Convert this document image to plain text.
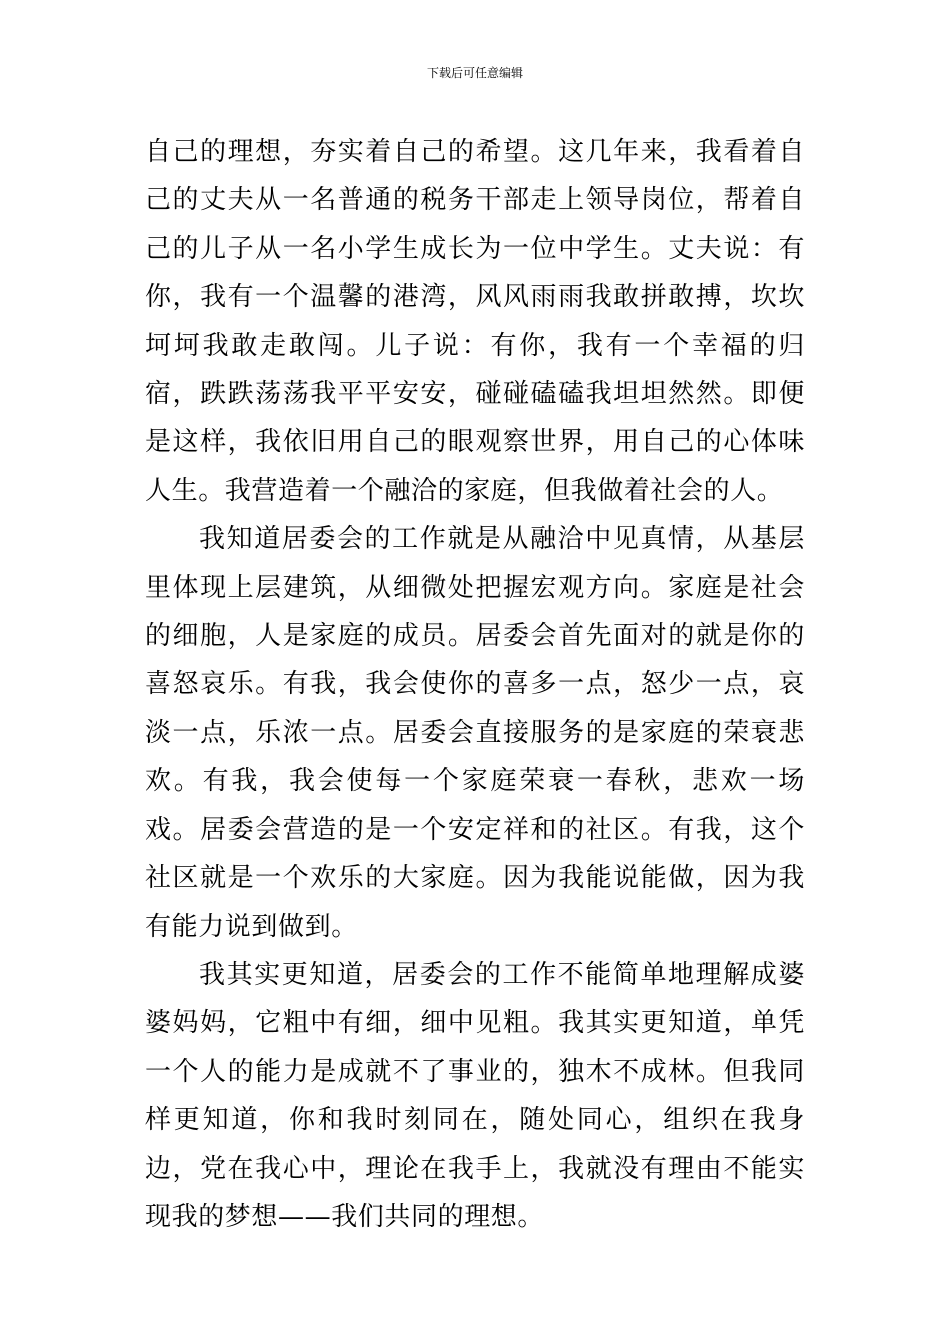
下载后可任意编辑

自己的理想，夯实着自己的希望。这几年来，我看着自己的丈夫从一名普通的税务干部走上领导岗位，帮着自己的儿子从一名小学生成长为一位中学生。丈夫说：有你，我有一个温馨的港湾，风风雨雨我敢拼敢搏，坎坎坷坷我敢走敢闯。儿子说：有你，我有一个幸福的归宿，跌跌荡荡我平平安安，碰碰磕磕我坦坦然然。即便是这样，我依旧用自己的眼观察世界，用自己的心体味人生。我营造着一个融洽的家庭，但我做着社会的人。

我知道居委会的工作就是从融洽中见真情，从基层里体现上层建筑，从细微处把握宏观方向。家庭是社会的细胞，人是家庭的成员。居委会首先面对的就是你的喜怒哀乐。有我，我会使你的喜多一点，怒少一点，哀淡一点，乐浓一点。居委会直接服务的是家庭的荣衰悲欢。有我，我会使每一个家庭荣衰一春秋，悲欢一场戏。居委会营造的是一个安定祥和的社区。有我，这个社区就是一个欢乐的大家庭。因为我能说能做，因为我有能力说到做到。

我其实更知道，居委会的工作不能简单地理解成婆婆妈妈，它粗中有细，细中见粗。我其实更知道，单凭一个人的能力是成就不了事业的，独木不成林。但我同样更知道，你和我时刻同在，随处同心，组织在我身边，党在我心中，理论在我手上，我就没有理由不能实现我的梦想——我们共同的理想。
